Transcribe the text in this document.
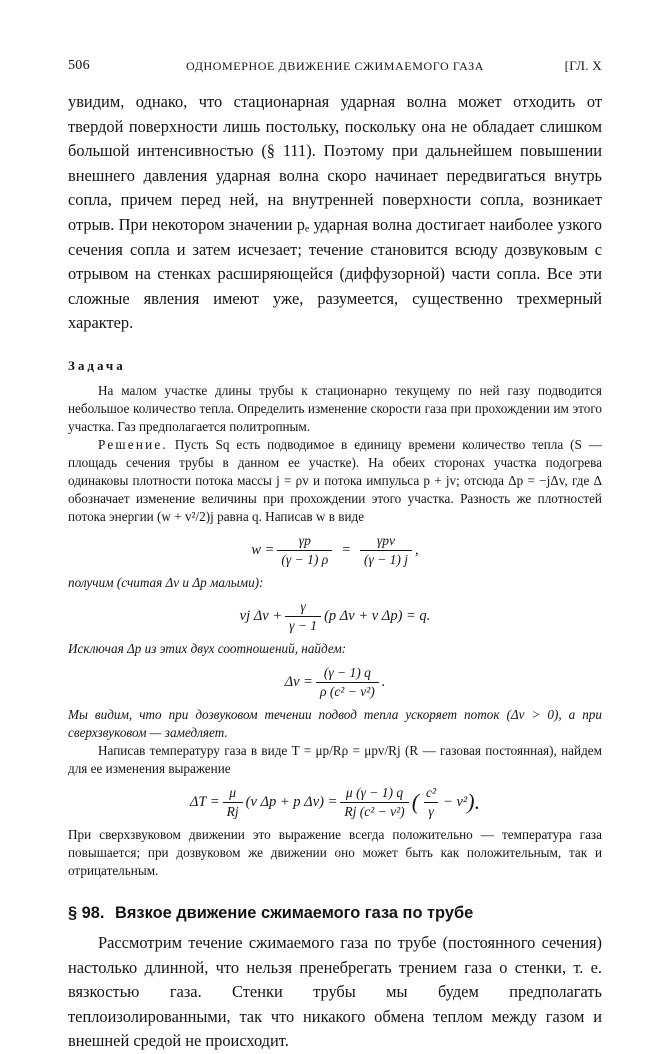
506	ОДНОМЕРНОЕ ДВИЖЕНИЕ СЖИМАЕМОГО ГАЗА	[ГЛ. X

увидим, однако, что стационарная ударная волна может отходить от твердой поверхности лишь постольку, поскольку она не обладает слишком большой интенсивностью (§ 111). Поэтому при дальнейшем повышении внешнего давления ударная волна скоро начинает передвигаться внутрь сопла, причем перед ней, на внутренней поверхности сопла, возникает отрыв. При некотором значении pₑ ударная волна достигает наиболее узкого сечения сопла и затем исчезает; течение становится всюду дозвуковым с отрывом на стенках расширяющейся (диффузорной) части сопла. Все эти сложные явления имеют уже, разумеется, существенно трехмерный характер.

Задача

На малом участке длины трубы к стационарно текущему по ней газу подводится небольшое количество тепла. Определить изменение скорости газа при прохождении им этого участка. Газ предполагается политропным.

Решение. Пусть Sq есть подводимое в единицу времени количество тепла (S — площадь сечения трубы в данном ее участке). На обеих сторонах участка подогрева одинаковы плотности потока массы j = ρv и потока импульса p + jv; отсюда Δp = −jΔv, где Δ обозначает изменение величины при прохождении этого участка. Разность же плотностей потока энергии (w + v²/2)j равна q. Написав w в виде

$w = \frac{\gamma p}{(\gamma - 1) \rho} = \frac{\text{γpv}}{(\gamma - 1) j}$ ,

получим (считая Δv и Δp малыми):

vj $\Delta v + \frac{\gamma}{\gamma - 1} (p$ Δv + v Δp) = q.

Исключая Δp из этих двух соотношений, найдем:

$\Delta v = \frac{(\gamma - 1) q}{\text{ρ (c² − v²)}}$ .

Мы видим, что при дозвуковом течении подвод тепла ускоряет поток (Δv > 0), а при сверхзвуковом — замедляет.

Написав температуру газа в виде T = μp/Rρ = μpv/Rj (R — газовая постоянная), найдем для ее изменения выражение

$\Delta T = \frac{\mu}{Rj} (v$ Δp + p $\Delta v) = \frac{\mu (\gamma - 1) q}{\text{Rj (c² − v²)}}$ ( $\frac{\text{c²}}{\gamma} - v^2$ ).

При сверхзвуковом движении это выражение всегда положительно — температура газа повышается; при дозвуковом же движении оно может быть как положительным, так и отрицательным.

§ 98. Вязкое движение сжимаемого газа по трубе

Рассмотрим течение сжимаемого газа по трубе (постоянного сечения) настолько длинной, что нельзя пренебрегать трением газа о стенки, т. е. вязкостью газа. Стенки трубы мы будем предполагать теплоизолированными, так что никакого обмена теплом между газом и внешней средой не происходит.
